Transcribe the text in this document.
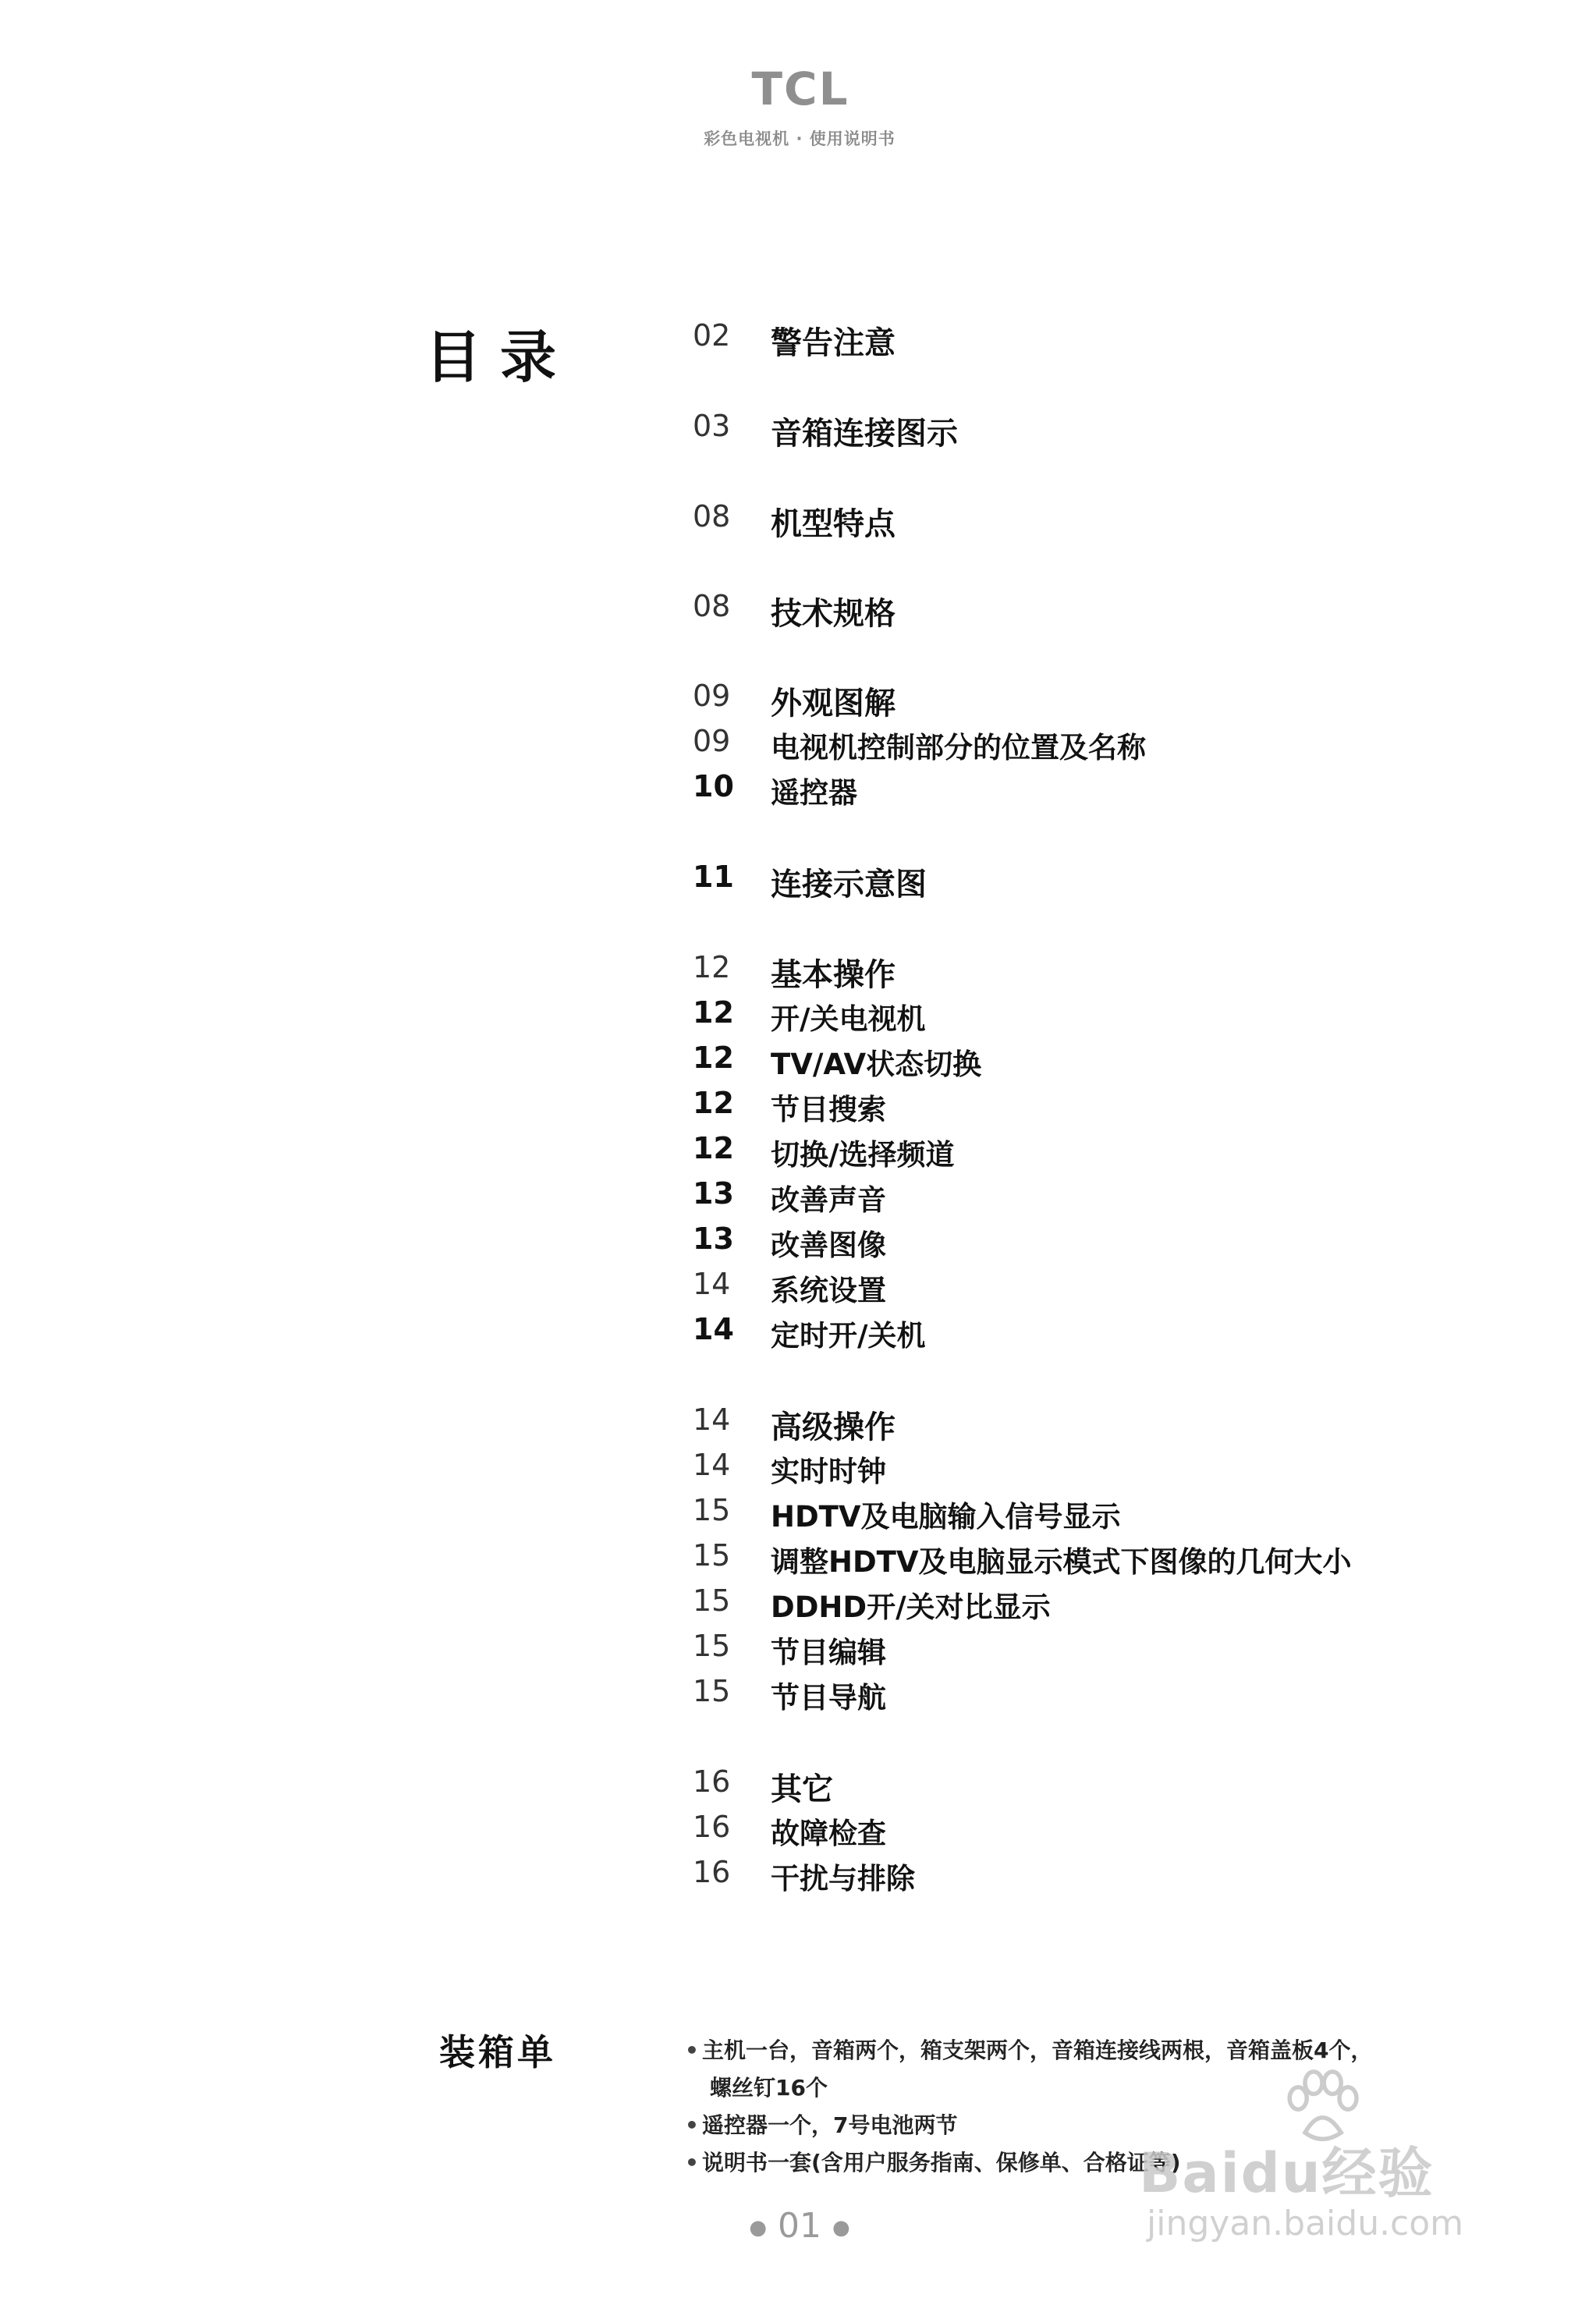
TCL
彩色电视机 · 使用说明书
目录	02	警告注意
03	音箱连接图示
08	机型特点
08	技术规格
09	外观图解
09	电视机控制部分的位置及名称
10	遥控器
11	连接示意图
12	基本操作
12	开/关电视机
12	TV/AV状态切换
12	节目搜索
12	切换/选择频道
13	改善声音
13	改善图像
14	系统设置
14	定时开/关机
14	高级操作
14	实时时钟
15	HDTV及电脑输入信号显示
15	调整HDTV及电脑显示模式下图像的几何大小
15	DDHD开/关对比显示
15	节目编辑
15	节目导航
16	其它
16	故障检查
16	干扰与排除
装箱单	• 主机一台，音箱两个，箱支架两个，音箱连接线两根，音箱盖板4个，
螺丝钉16个
• 遥控器一个，7号电池两节
• 说明书一套(含用户服务指南、保修单、合格证等)
● 01 ●
Baidu经验
jingyan.baidu.com
